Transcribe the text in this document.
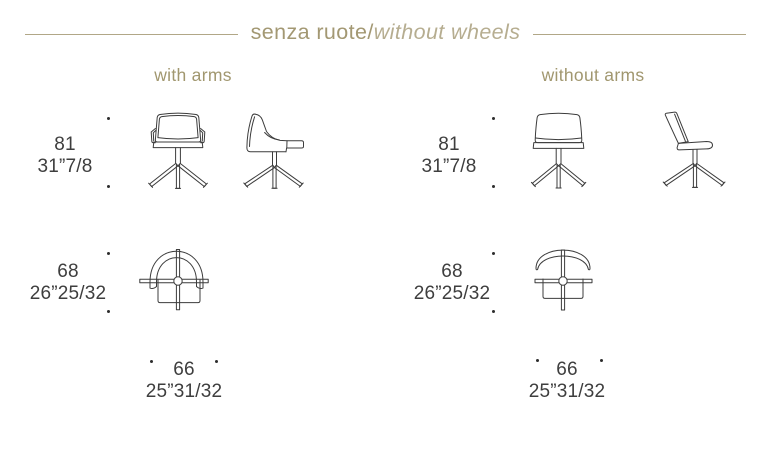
senza ruote/without wheels
with arms	without arms
81
31”7/8
68
26”25/32
66
25”31/32
81
31”7/8
68
26”25/32
66
25”31/32
